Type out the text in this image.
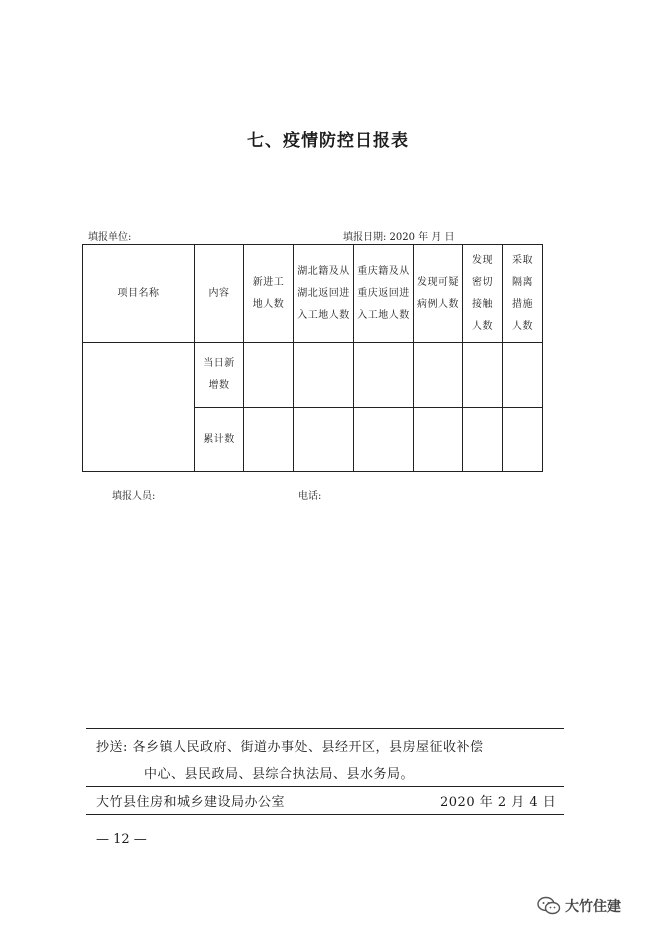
七、疫情防控日报表
填报单位:	填报日期: 2020 年 月 日
项目名称	内容	新进工地人数	湖北籍及从湖北返回进入工地人数	重庆籍及从重庆返回进入工地人数	发现可疑病例人数	发现密切接触人数	采取隔离措施人数
	当日新增数						
	累计数						
填报人员:	电话:
抄送: 各乡镇人民政府、街道办事处、县经开区，县房屋征收补偿
中心、县民政局、县综合执法局、县水务局。
大竹县住房和城乡建设局办公室	2020 年 2 月 4 日
— 12 —
大竹住建
